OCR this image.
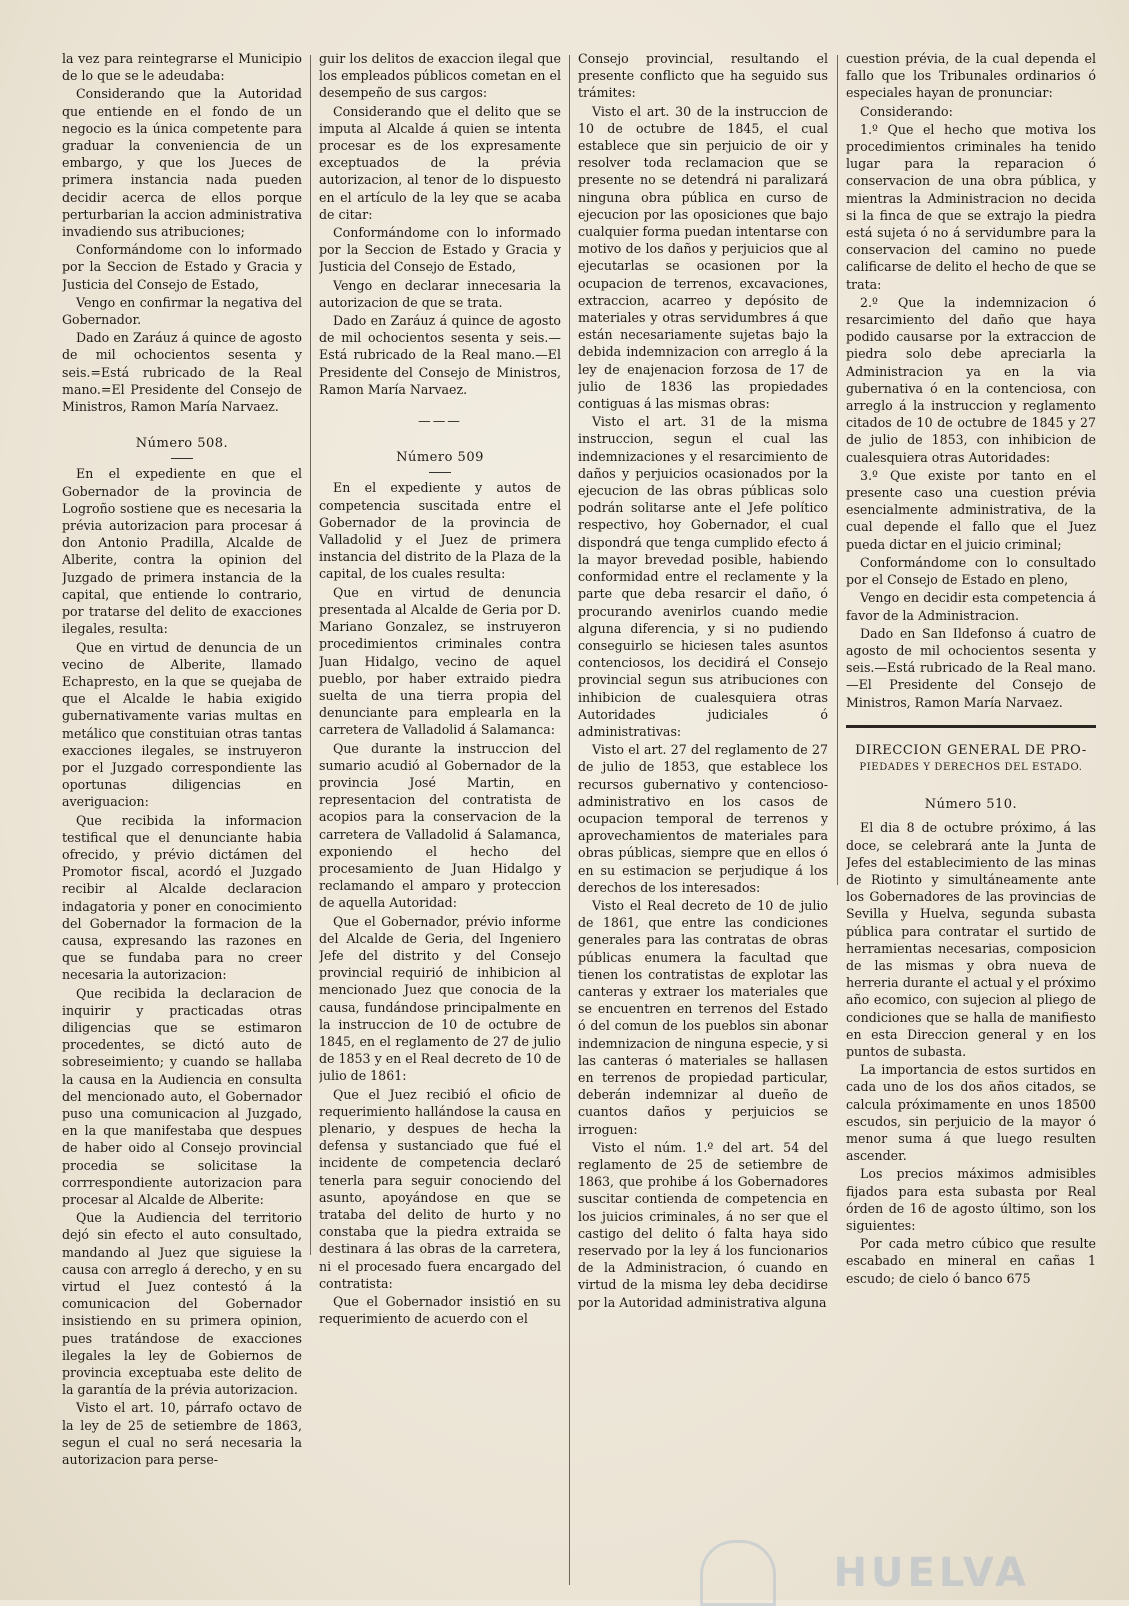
la vez para reintegrarse el Municipio de lo que se le adeudaba:

Considerando que la Autoridad que entiende en el fondo de un negocio es la única competente para graduar la conveniencia de un embargo, y que los Jueces de primera instancia nada pueden decidir acerca de ellos porque perturbarian la accion administrativa invadiendo sus atribuciones;

Conformándome con lo informado por la Seccion de Estado y Gracia y Justicia del Consejo de Estado,

Vengo en confirmar la negativa del Gobernador.

Dado en Zaráuz á quince de agosto de mil ochocientos sesenta y seis.=Está rubricado de la Real mano.=El Presidente del Consejo de Ministros, Ramon María Narvaez.

Número 508.

En el expediente en que el Gobernador de la provincia de Logroño sostiene que es necesaria la prévia autorizacion para procesar á don Antonio Pradilla, Alcalde de Alberite, contra la opinion del Juzgado de primera instancia de la capital, que entiende lo contrario, por tratarse del delito de exacciones ilegales, resulta:

Que en virtud de denuncia de un vecino de Alberite, llamado Echapresto, en la que se quejaba de que el Alcalde le habia exigido gubernativamente varias multas en metálico que constituian otras tantas exacciones ilegales, se instruyeron por el Juzgado correspondiente las oportunas diligencias en averiguacion:

Que recibida la informacion testifical que el denunciante habia ofrecido, y prévio dictámen del Promotor fiscal, acordó el Juzgado recibir al Alcalde declaracion indagatoria y poner en conocimiento del Gobernador la formacion de la causa, expresando las razones en que se fundaba para no creer necesaria la autorizacion:

Que recibida la declaracion de inquirir y practicadas otras diligencias que se estimaron procedentes, se dictó auto de sobreseimiento; y cuando se hallaba la causa en la Audiencia en consulta del mencionado auto, el Gobernador puso una comunicacion al Juzgado, en la que manifestaba que despues de haber oido al Consejo provincial procedia se solicitase la corrrespondiente autorizacion para procesar al Alcalde de Alberite:

Que la Audiencia del territorio dejó sin efecto el auto consultado, mandando al Juez que siguiese la causa con arreglo á derecho, y en su virtud el Juez contestó á la comunicacion del Gobernador insistiendo en su primera opinion, pues tratándose de exacciones ilegales la ley de Gobiernos de provincia exceptuaba este delito de la garantía de la prévia autorizacion.

Visto el art. 10, párrafo octavo de la ley de 25 de setiembre de 1863, segun el cual no será necesaria la autorizacion para perse-

guir los delitos de exaccion ilegal que los empleados públicos cometan en el desempeño de sus cargos:

Considerando que el delito que se imputa al Alcalde á quien se intenta procesar es de los expresamente exceptuados de la prévia autorizacion, al tenor de lo dispuesto en el artículo de la ley que se acaba de citar:

Conformándome con lo informado por la Seccion de Estado y Gracia y Justicia del Consejo de Estado,

Vengo en declarar innecesaria la autorizacion de que se trata.

Dado en Zaráuz á quince de agosto de mil ochocientos sesenta y seis.—Está rubricado de la Real mano.—El Presidente del Consejo de Ministros, Ramon María Narvaez.

———
Número 509

En el expediente y autos de competencia suscitada entre el Gobernador de la provincia de Valladolid y el Juez de primera instancia del distrito de la Plaza de la capital, de los cuales resulta:

Que en virtud de denuncia presentada al Alcalde de Geria por D. Mariano Gonzalez, se instruyeron procedimientos criminales contra Juan Hidalgo, vecino de aquel pueblo, por haber extraido piedra suelta de una tierra propia del denunciante para emplearla en la carretera de Valladolid á Salamanca:

Que durante la instruccion del sumario acudió al Gobernador de la provincia José Martin, en representacion del contratista de acopios para la conservacion de la carretera de Valladolid á Salamanca, exponiendo el hecho del procesamiento de Juan Hidalgo y reclamando el amparo y proteccion de aquella Autoridad:

Que el Gobernador, prévio informe del Alcalde de Geria, del Ingeniero Jefe del distrito y del Consejo provincial requirió de inhibicion al mencionado Juez que conocia de la causa, fundándose principalmente en la instruccion de 10 de octubre de 1845, en el reglamento de 27 de julio de 1853 y en el Real decreto de 10 de julio de 1861:

Que el Juez recibió el oficio de requerimiento hallándose la causa en plenario, y despues de hecha la defensa y sustanciado que fué el incidente de competencia declaró tenerla para seguir conociendo del asunto, apoyándose en que se trataba del delito de hurto y no constaba que la piedra extraida se destinara á las obras de la carretera, ni el procesado fuera encargado del contratista:

Que el Gobernador insistió en su requerimiento de acuerdo con el

Consejo provincial, resultando el presente conflicto que ha seguido sus trámites:

Visto el art. 30 de la instruccion de 10 de octubre de 1845, el cual establece que sin perjuicio de oir y resolver toda reclamacion que se presente no se detendrá ni paralizará ninguna obra pública en curso de ejecucion por las oposiciones que bajo cualquier forma puedan intentarse con motivo de los daños y perjuicios que al ejecutarlas se ocasionen por la ocupacion de terrenos, excavaciones, extraccion, acarreo y depósito de materiales y otras servidumbres á que están necesariamente sujetas bajo la debida indemnizacion con arreglo á la ley de enajenacion forzosa de 17 de julio de 1836 las propiedades contiguas á las mismas obras:

Visto el art. 31 de la misma instruccion, segun el cual las indemnizaciones y el resarcimiento de daños y perjuicios ocasionados por la ejecucion de las obras públicas solo podrán solitarse ante el Jefe político respectivo, hoy Gobernador, el cual dispondrá que tenga cumplido efecto á la mayor brevedad posible, habiendo conformidad entre el reclamente y la parte que deba resarcir el daño, ó procurando avenirlos cuando medie alguna diferencia, y si no pudiendo conseguirlo se hiciesen tales asuntos contenciosos, los decidirá el Consejo provincial segun sus atribuciones con inhibicion de cualesquiera otras Autoridades judiciales ó administrativas:

Visto el art. 27 del reglamento de 27 de julio de 1853, que establece los recursos gubernativo y contencioso-administrativo en los casos de ocupacion temporal de terrenos y aprovechamientos de materiales para obras públicas, siempre que en ellos ó en su estimacion se perjudique á los derechos de los interesados:

Visto el Real decreto de 10 de julio de 1861, que entre las condiciones generales para las contratas de obras públicas enumera la facultad que tienen los contratistas de explotar las canteras y extraer los materiales que se encuentren en terrenos del Estado ó del comun de los pueblos sin abonar indemnizacion de ninguna especie, y si las canteras ó materiales se hallasen en terrenos de propiedad particular, deberán indemnizar al dueño de cuantos daños y perjuicios se irroguen:

Visto el núm. 1.º del art. 54 del reglamento de 25 de setiembre de 1863, que prohibe á los Gobernadores suscitar contienda de competencia en los juicios criminales, á no ser que el castigo del delito ó falta haya sido reservado por la ley á los funcionarios de la Administracion, ó cuando en virtud de la misma ley deba decidirse por la Autoridad administrativa alguna

cuestion prévia, de la cual dependa el fallo que los Tribunales ordinarios ó especiales hayan de pronunciar:

Considerando:

1.º Que el hecho que motiva los procedimientos criminales ha tenido lugar para la reparacion ó conservacion de una obra pública, y mientras la Administracion no decida si la finca de que se extrajo la piedra está sujeta ó no á servidumbre para la conservacion del camino no puede calificarse de delito el hecho de que se trata:

2.º Que la indemnizacion ó resarcimiento del daño que haya podido causarse por la extraccion de piedra solo debe apreciarla la Administracion ya en la via gubernativa ó en la contenciosa, con arreglo á la instruccion y reglamento citados de 10 de octubre de 1845 y 27 de julio de 1853, con inhibicion de cualesquiera otras Autoridades:

3.º Que existe por tanto en el presente caso una cuestion prévia esencialmente administrativa, de la cual depende el fallo que el Juez pueda dictar en el juicio criminal;

Conformándome con lo consultado por el Consejo de Estado en pleno,

Vengo en decidir esta competencia á favor de la Administracion.

Dado en San Ildefonso á cuatro de agosto de mil ochocientos sesenta y seis.—Está rubricado de la Real mano.—El Presidente del Consejo de Ministros, Ramon María Narvaez.

DIRECCION GENERAL DE PRO-
PIEDADES Y DERECHOS DEL ESTADO.
Número 510.

El dia 8 de octubre próximo, á las doce, se celebrará ante la Junta de Jefes del establecimiento de las minas de Riotinto y simultáneamente ante los Gobernadores de las provincias de Sevilla y Huelva, segunda subasta pública para contratar el surtido de herramientas necesarias, composicion de las mismas y obra nueva de herreria durante el actual y el próximo año ecomico, con sujecion al pliego de condiciones que se halla de manifiesto en esta Direccion general y en los puntos de subasta.

La importancia de estos surtidos en cada uno de los dos años citados, se calcula próximamente en unos 18500 escudos, sin perjuicio de la mayor ó menor suma á que luego resulten ascender.

Los precios máximos admisibles fijados para esta subasta por Real órden de 16 de agosto último, son los siguientes:

Por cada metro cúbico que resulte escabado en mineral en cañas 1 escudo; de cielo ó banco 675

HUELVA
